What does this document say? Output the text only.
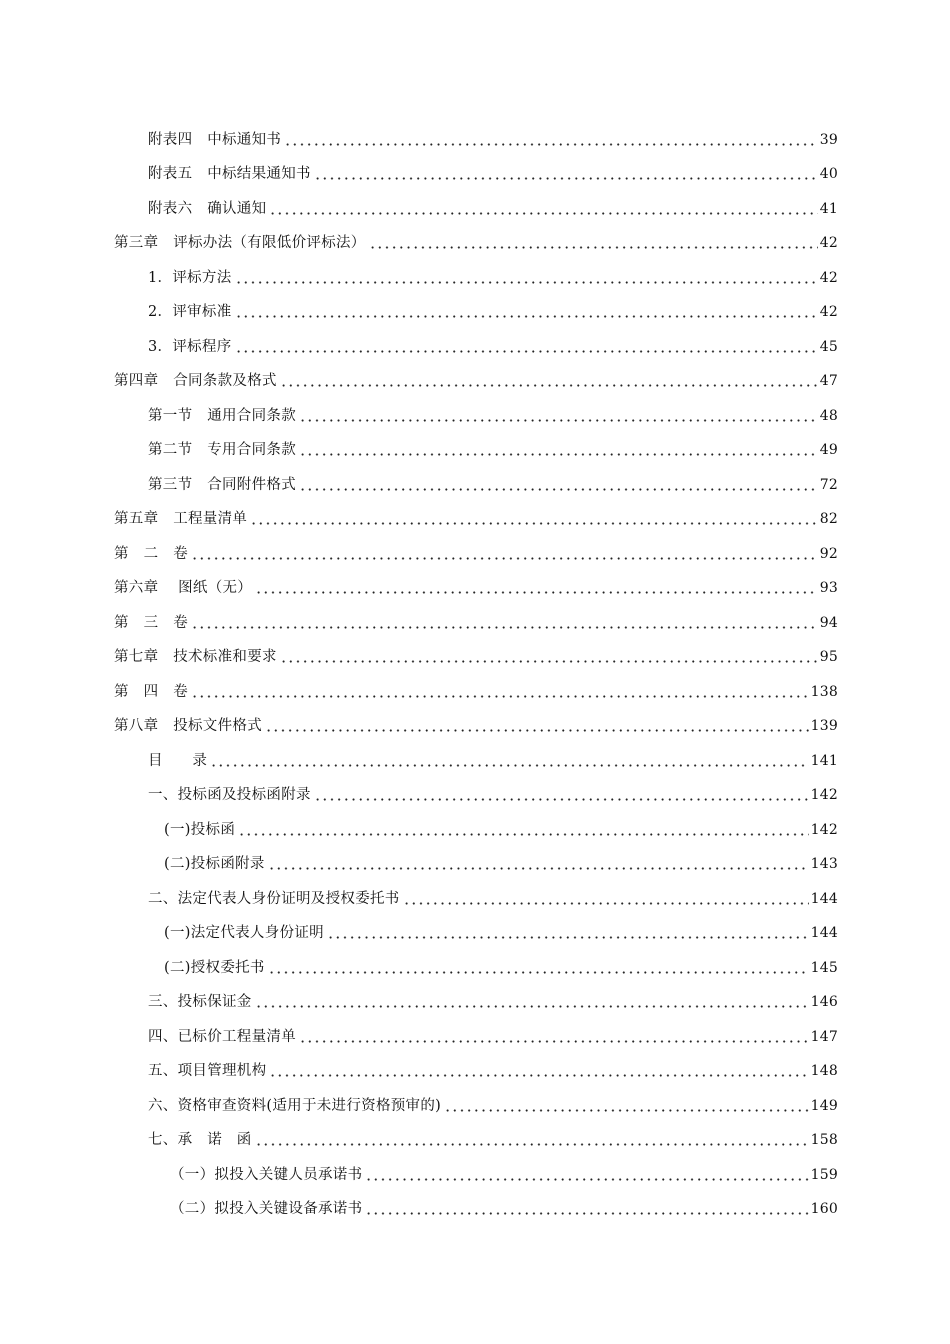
附表四　中标通知书	39
附表五　中标结果通知书	40
附表六　确认通知	41
第三章　评标办法（有限低价评标法）	42
1．评标方法	42
2．评审标准	42
3．评标程序	45
第四章　合同条款及格式	47
第一节　通用合同条款	48
第二节　专用合同条款	49
第三节　合同附件格式	72
第五章　工程量清单	82
第　二　卷	92
第六章　 图纸（无）	93
第　三　卷	94
第七章　技术标准和要求	95
第　四　卷	138
第八章　投标文件格式	139
目　　录	141
一、投标函及投标函附录	142
(一)投标函	142
(二)投标函附录	143
二、法定代表人身份证明及授权委托书	144
(一)法定代表人身份证明	144
(二)授权委托书	145
三、投标保证金	146
四、已标价工程量清单	147
五、项目管理机构	148
六、资格审查资料(适用于未进行资格预审的)	149
七、承　诺　函	158
（一）拟投入关键人员承诺书	159
（二）拟投入关键设备承诺书	160
